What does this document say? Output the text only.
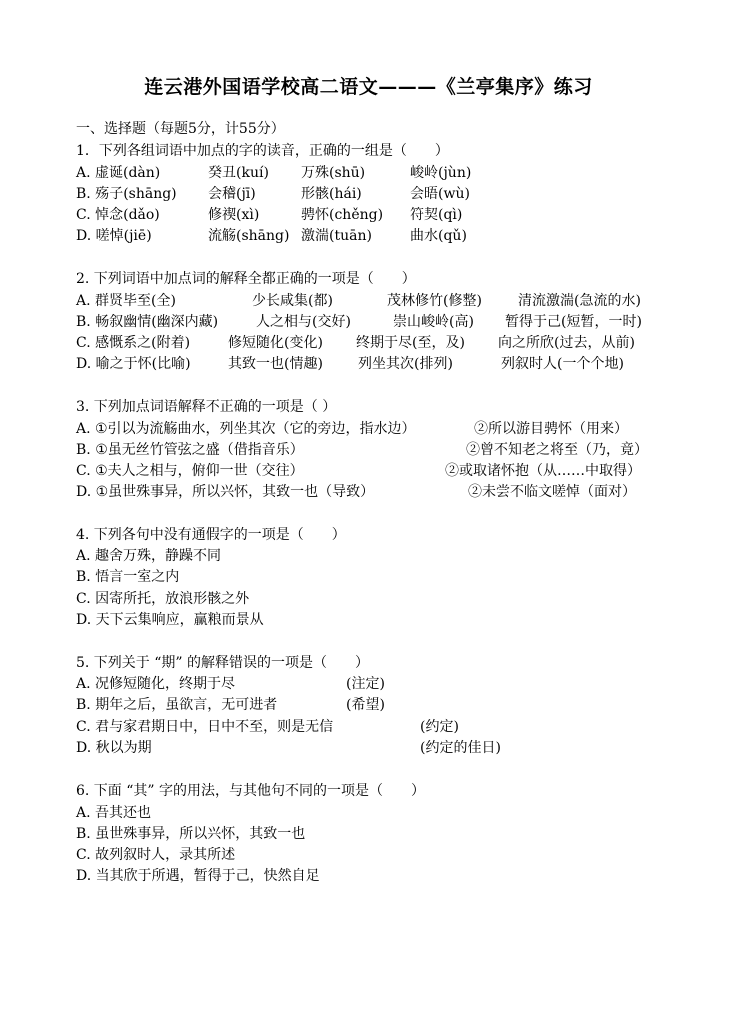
连云港外国语学校高二语文———《兰亭集序》练习
一、选择题（每题5分，计55分）
1．下列各组词语中加点的字的读音，正确的一组是（　　）
A. 虚诞(dàn)	癸丑(kuí) 万殊(shū)	峻岭(jùn)
B. 殇子(shāng) 会稽(jī)	形骸(hái)	会晤(wù)
C. 悼念(dǎo)	修禊(xì)	骋怀(chěng) 符契(qì)
D. 嗟悼(jiē)	流觞(shāng) 激湍(tuān)	曲水(qǔ)
2. 下列词语中加点词的解释全都正确的一项是（　　）
A. 群贤毕至(全)	少长咸集(都)	茂林修竹(修整)	清流激湍(急流的水)
B. 畅叙幽情(幽深内藏)	人之相与(交好)	崇山峻岭(高) 暂得于己(短暂，一时)
C. 感慨系之(附着)	修短随化(变化) 终期于尽(至，及) 向之所欣(过去，从前)
D. 喻之于怀(比喻)	其致一也(情趣)	列坐其次(排列)	列叙时人(一个个地)
3. 下列加点词语解释不正确的一项是（ ）
A. ①引以为流觞曲水，列坐其次（它的旁边，指水边）	②所以游目骋怀（用来）
B. ①虽无丝竹管弦之盛（借指音乐）	②曾不知老之将至（乃，竟）
C. ①夫人之相与，俯仰一世（交往）	②或取诸怀抱（从……中取得）
D. ①虽世殊事异，所以兴怀，其致一也（导致）	②未尝不临文嗟悼（面对）
4. 下列各句中没有通假字的一项是（　　）
A. 趣舍万殊，静躁不同
B. 悟言一室之内
C. 因寄所托，放浪形骸之外
D. 天下云集响应，赢粮而景从
5. 下列关于 “期” 的解释错误的一项是（　　）
A. 况修短随化，终期于尽	(注定)
B. 期年之后，虽欲言，无可进者	(希望)
C. 君与家君期日中，日中不至，则是无信	(约定)
D. 秋以为期	(约定的佳日)
6. 下面 “其” 字的用法，与其他句不同的一项是（　　）
A. 吾其还也
B. 虽世殊事异，所以兴怀，其致一也
C. 故列叙时人，录其所述
D. 当其欣于所遇，暂得于己，快然自足
